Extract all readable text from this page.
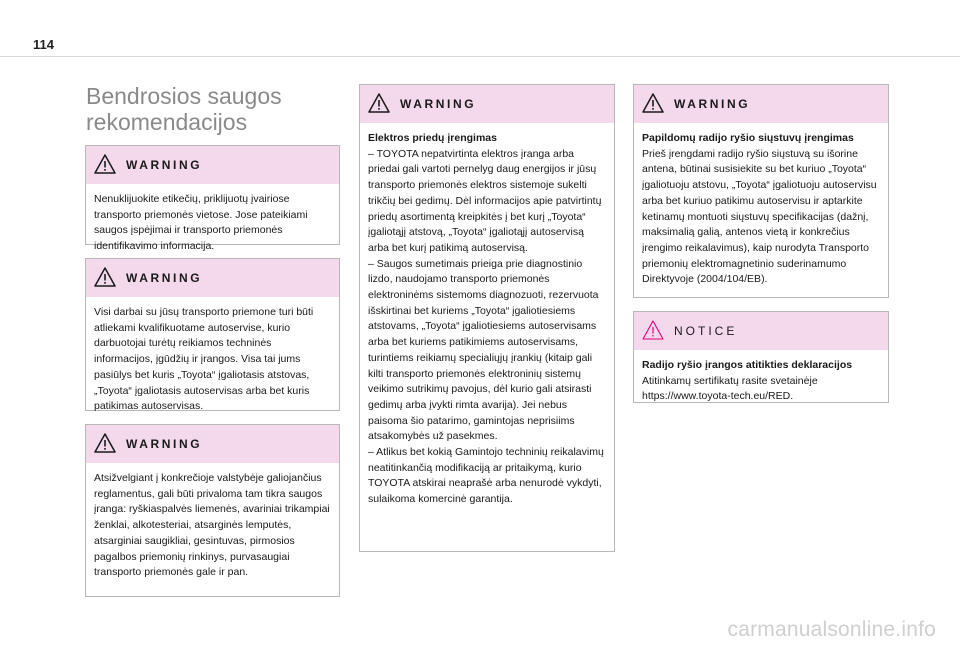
114
Bendrosios saugos rekomendacijos
WARNING

Nenuklijuokite etikečių, priklijuotų įvairiose transporto priemonės vietose. Jose pateikiami saugos įspėjimai ir transporto priemonės identifikavimo informacija.

WARNING

Visi darbai su jūsų transporto priemone turi būti atliekami kvalifikuotame autoservise, kurio darbuotojai turėtų reikiamos techninės informacijos, įgūdžių ir įrangos. Visa tai jums pasiūlys bet kuris „Toyota“ įgaliotasis atstovas, „Toyota“ įgaliotasis autoservisas arba bet kuris patikimas autoservisas.

WARNING

Atsižvelgiant į konkrečioje valstybėje galiojančius reglamentus, gali būti privaloma tam tikra saugos įranga: ryškiaspalvės liemenės, avariniai trikampiai ženklai, alkotesteriai, atsarginės lemputės, atsarginiai saugikliai, gesintuvas, pirmosios pagalbos priemonių rinkinys, purvasaugiai transporto priemonės gale ir pan.

WARNING
Elektros priedų įrengimas

– TOYOTA nepatvirtinta elektros įranga arba priedai gali vartoti pernelyg daug energijos ir jūsų transporto priemonės elektros sistemoje sukelti trikčių bei gedimų. Dėl informacijos apie patvirtintų priedų asortimentą kreipkitės į bet kurį „Toyota“ įgaliotąjį atstovą, „Toyota“ įgaliotąjį autoservisą arba bet kurį patikimą autoservisą.

– Saugos sumetimais prieiga prie diagnostinio lizdo, naudojamo transporto priemonės elektroninėms sistemoms diagnozuoti, rezervuota išskirtinai bet kuriems „Toyota“ įgaliotiesiems atstovams, „Toyota“ įgaliotiesiems autoservisams arba bet kuriems patikimiems autoservisams, turintiems reikiamų specialiųjų įrankių (kitaip gali kilti transporto priemonės elektroninių sistemų veikimo sutrikimų pavojus, dėl kurio gali atsirasti gedimų arba įvykti rimta avarija). Jei nebus paisoma šio patarimo, gamintojas neprisiims atsakomybės už pasekmes.

– Atlikus bet kokią Gamintojo techninių reikalavimų neatitinkančią modifikaciją ar pritaikymą, kurio TOYOTA atskirai neaprašė arba nenurodė vykdyti, sulaikoma komercinė garantija.

WARNING
Papildomų radijo ryšio siųstuvų įrengimas

Prieš įrengdami radijo ryšio siųstuvą su išorine antena, būtinai susisiekite su bet kuriuo „Toyota“ įgaliotuoju atstovu, „Toyota“ įgaliotuoju autoservisu arba bet kuriuo patikimu autoservisu ir aptarkite ketinamų montuoti siųstuvų specifikacijas (dažnį, maksimalią galią, antenos vietą ir konkrečius įrengimo reikalavimus), kaip nurodyta Transporto priemonių elektromagnetinio suderinamumo Direktyvoje (2004/104/EB).

NOTICE
Radijo ryšio įrangos atitikties deklaracijos

Atitinkamų sertifikatų rasite svetainėje https://www.toyota-tech.eu/RED.

carmanualsonline.info
